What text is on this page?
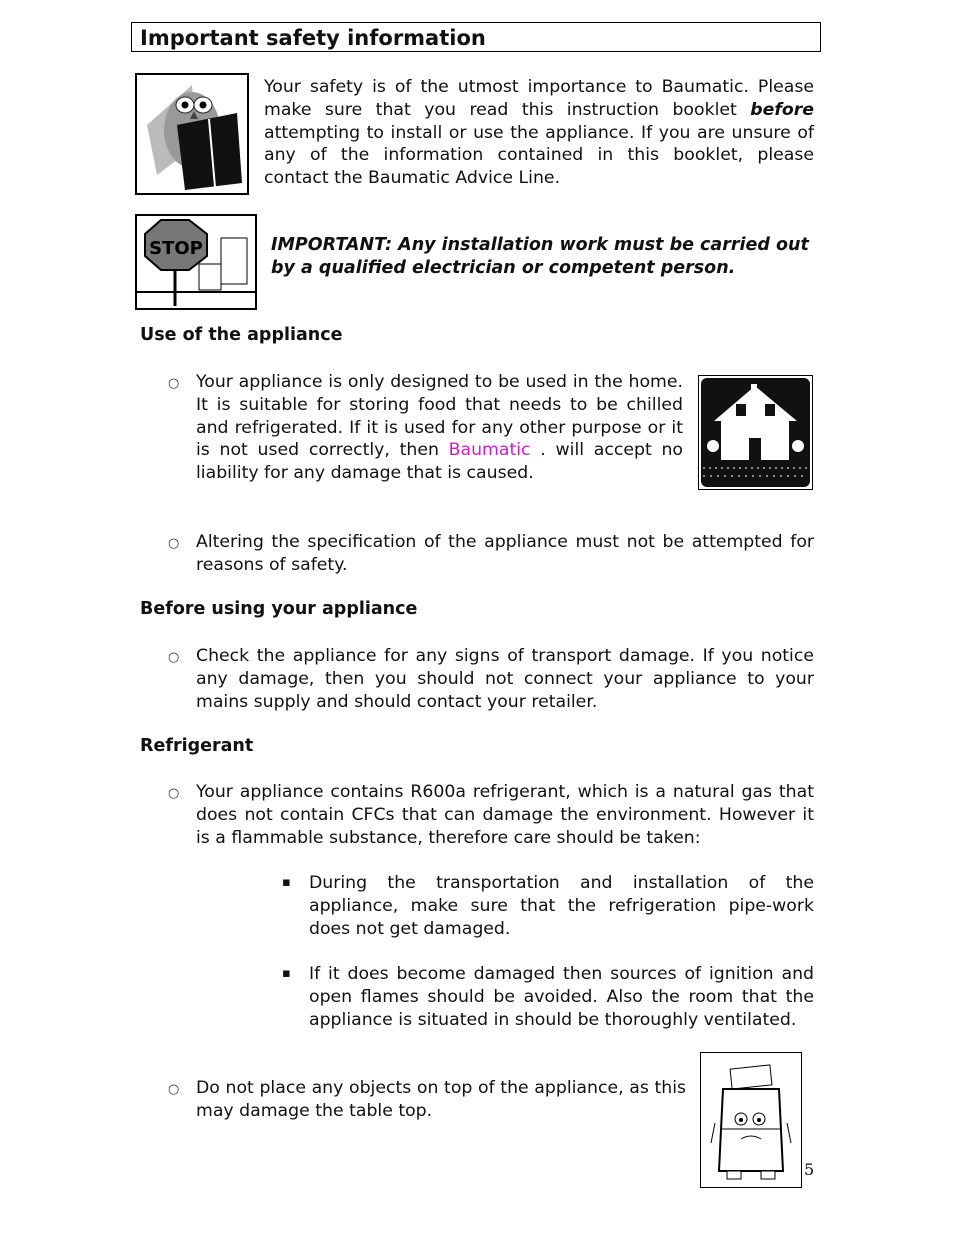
Important safety information
Your safety is of the utmost importance to Baumatic. Please make sure that you read this instruction booklet before attempting to install or use the appliance. If you are unsure of any of the information contained in this booklet, please contact the Baumatic Advice Line.
STOP	IMPORTANT: Any installation work must be carried out by a qualified electrician or competent person.
Use of the appliance
○ Your appliance is only designed to be used in the home. It is suitable for storing food that needs to be chilled and refrigerated. If it is used for any other purpose or it is not used correctly, then Baumatic . will accept no liability for any damage that is caused.
○ Altering the specification of the appliance must not be attempted for reasons of safety.
Before using your appliance
○ Check the appliance for any signs of transport damage. If you notice any damage, then you should not connect your appliance to your mains supply and should contact your retailer.
Refrigerant
○ Your appliance contains R600a refrigerant, which is a natural gas that does not contain CFCs that can damage the environment. However it is a flammable substance, therefore care should be taken:
▪ During the transportation and installation of the appliance, make sure that the refrigeration pipe-work does not get damaged.
▪ If it does become damaged then sources of ignition and open flames should be avoided. Also the room that the appliance is situated in should be thoroughly ventilated.
○ Do not place any objects on top of the appliance, as this may damage the table top.
5
